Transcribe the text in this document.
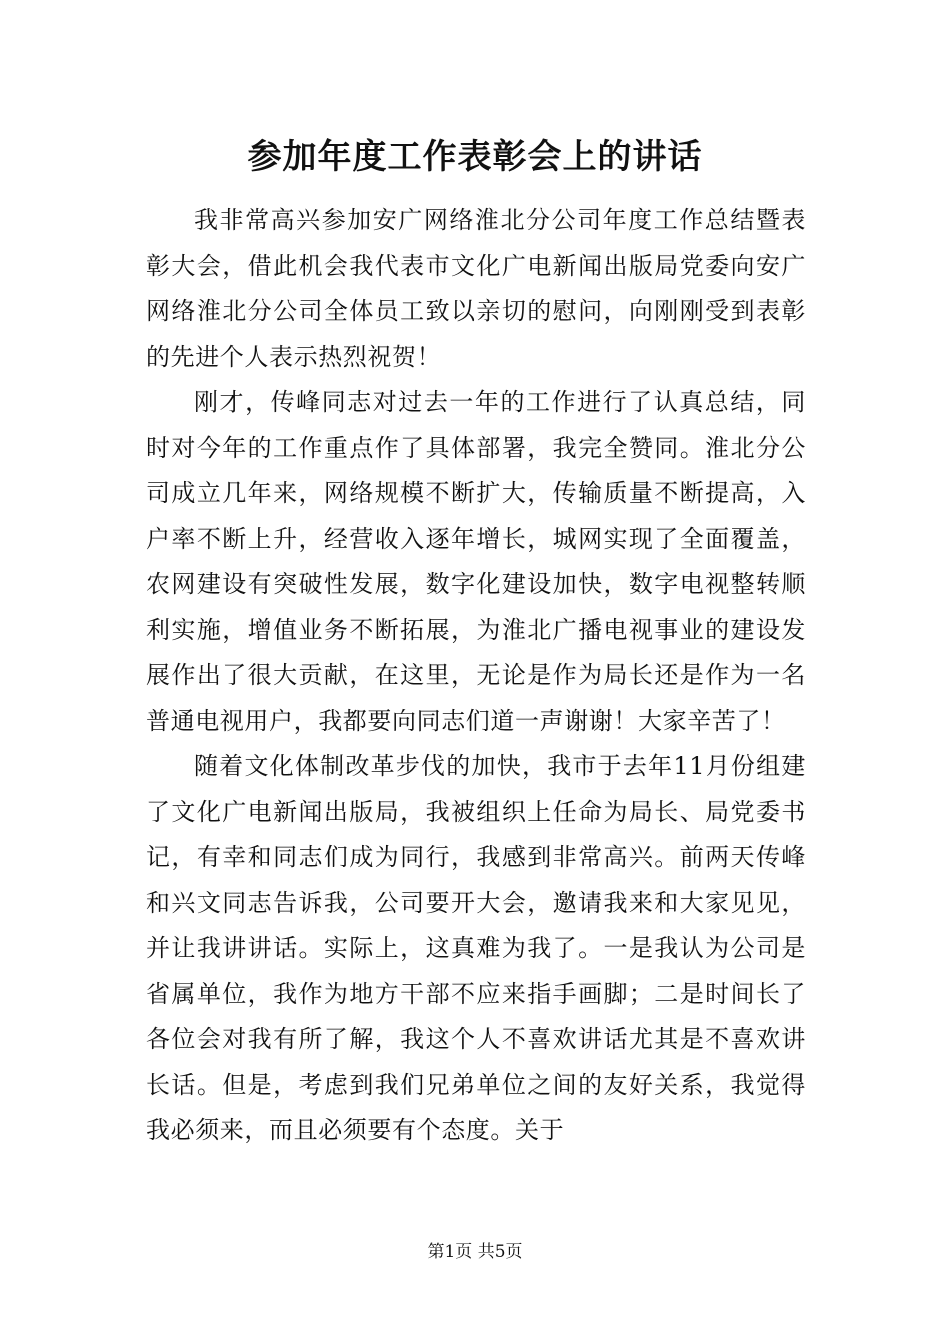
参加年度工作表彰会上的讲话

我非常高兴参加安广网络淮北分公司年度工作总结暨表彰大会，借此机会我代表市文化广电新闻出版局党委向安广网络淮北分公司全体员工致以亲切的慰问，向刚刚受到表彰的先进个人表示热烈祝贺！

刚才，传峰同志对过去一年的工作进行了认真总结，同时对今年的工作重点作了具体部署，我完全赞同。淮北分公司成立几年来，网络规模不断扩大，传输质量不断提高，入户率不断上升，经营收入逐年增长，城网实现了全面覆盖，农网建设有突破性发展，数字化建设加快，数字电视整转顺利实施，增值业务不断拓展，为淮北广播电视事业的建设发展作出了很大贡献，在这里，无论是作为局长还是作为一名普通电视用户，我都要向同志们道一声谢谢！大家辛苦了！

随着文化体制改革步伐的加快，我市于去年11月份组建了文化广电新闻出版局，我被组织上任命为局长、局党委书记，有幸和同志们成为同行，我感到非常高兴。前两天传峰和兴文同志告诉我，公司要开大会，邀请我来和大家见见，并让我讲讲话。实际上，这真难为我了。一是我认为公司是省属单位，我作为地方干部不应来指手画脚；二是时间长了各位会对我有所了解，我这个人不喜欢讲话尤其是不喜欢讲长话。但是，考虑到我们兄弟单位之间的友好关系，我觉得我必须来，而且必须要有个态度。关于

第1页 共5页
